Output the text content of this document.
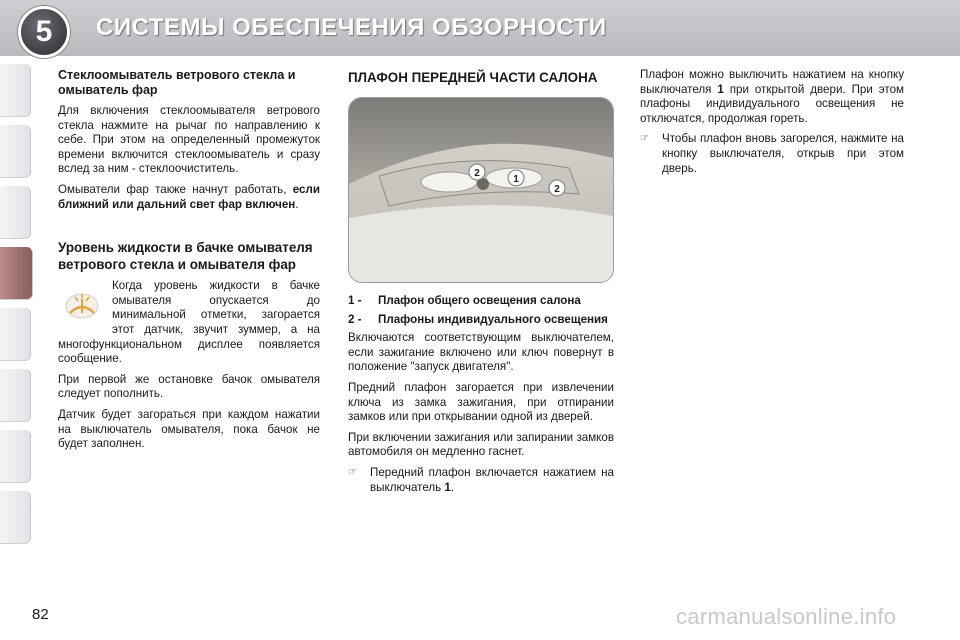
5	СИСТЕМЫ ОБЕСПЕЧЕНИЯ ОБЗОРНОСТИ
Стеклоомыватель ветрового стекла и омыватель фар

Для включения стеклоомывателя ветрового стекла нажмите на рычаг по направлению к себе. При этом на определенный промежуток времени включится стеклоомыватель и сразу вслед за ним - стеклоочиститель.

Омыватели фар также начнут работать, если ближний или дальний свет фар включен.

Уровень жидкости в бачке омывателя ветрового стекла и омывателя фар

Когда уровень жидкости в бачке омывателя опускается до минимальной отметки, загорается этот датчик, звучит зуммер, а на многофункциональном дисплее появляется сообщение.

При первой же остановке бачок омывателя следует пополнить.

Датчик будет загораться при каждом нажатии на выключатель омывателя, пока бачок не будет заполнен.

ПЛАФОН ПЕРЕДНЕЙ ЧАСТИ САЛОНА
2
1
2
1 -	Плафон общего освещения салона
2 -	Плафоны индивидуального освещения

Включаются соответствующим выключателем, если зажигание включено или ключ повернут в положение "запуск двигателя".

Предний плафон загорается при извлечении ключа из замка зажигания, при отпирании замков или при открывании одной из дверей.

При включении зажигания или запирании замков автомобиля он медленно гаснет.

☞	Передний плафон включается нажатием на выключатель 1.

Плафон можно выключить нажатием на кнопку выключателя 1 при открытой двери. При этом плафоны индивидуального освещения не отключатся, продолжая гореть.

☞	Чтобы плафон вновь загорелся, нажмите на кнопку выключателя, открыв при этом дверь.

82	carmanualsonline.info
